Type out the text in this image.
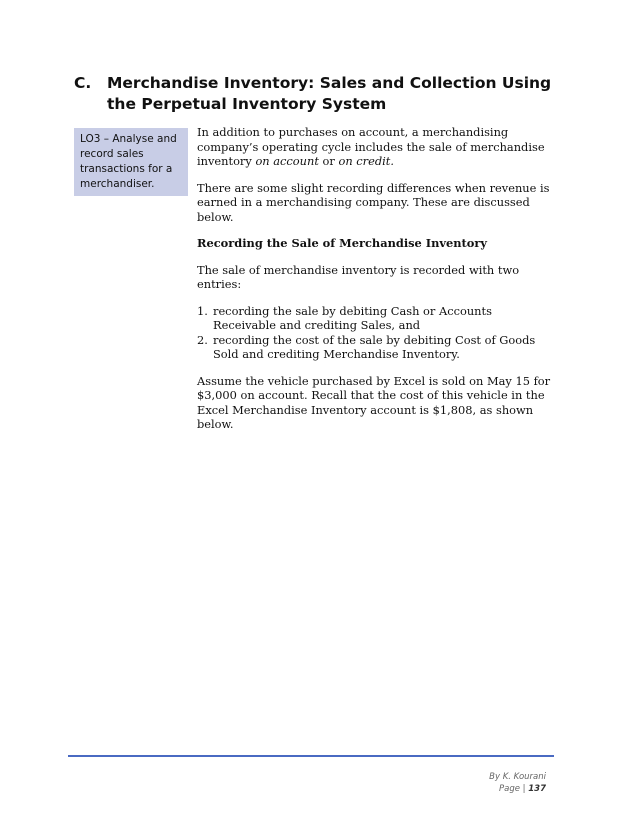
C. Merchandise Inventory: Sales and Collection Using the Perpetual Inventory System
LO3 – Analyse and record sales transactions for a merchandiser.

In addition to purchases on account, a merchandising company’s operating cycle includes the sale of merchandise inventory on account or on credit.

There are some slight recording differences when revenue is earned in a merchandising company. These are discussed below.

Recording the Sale of Merchandise Inventory

The sale of merchandise inventory is recorded with two entries:

1. recording the sale by debiting Cash or Accounts Receivable and crediting Sales, and
2. recording the cost of the sale by debiting Cost of Goods Sold and crediting Merchandise Inventory.

Assume the vehicle purchased by Excel is sold on May 15 for $3,000 on account. Recall that the cost of this vehicle in the Excel Merchandise Inventory account is $1,808, as shown below.

By K. Kourani
Page | 137
